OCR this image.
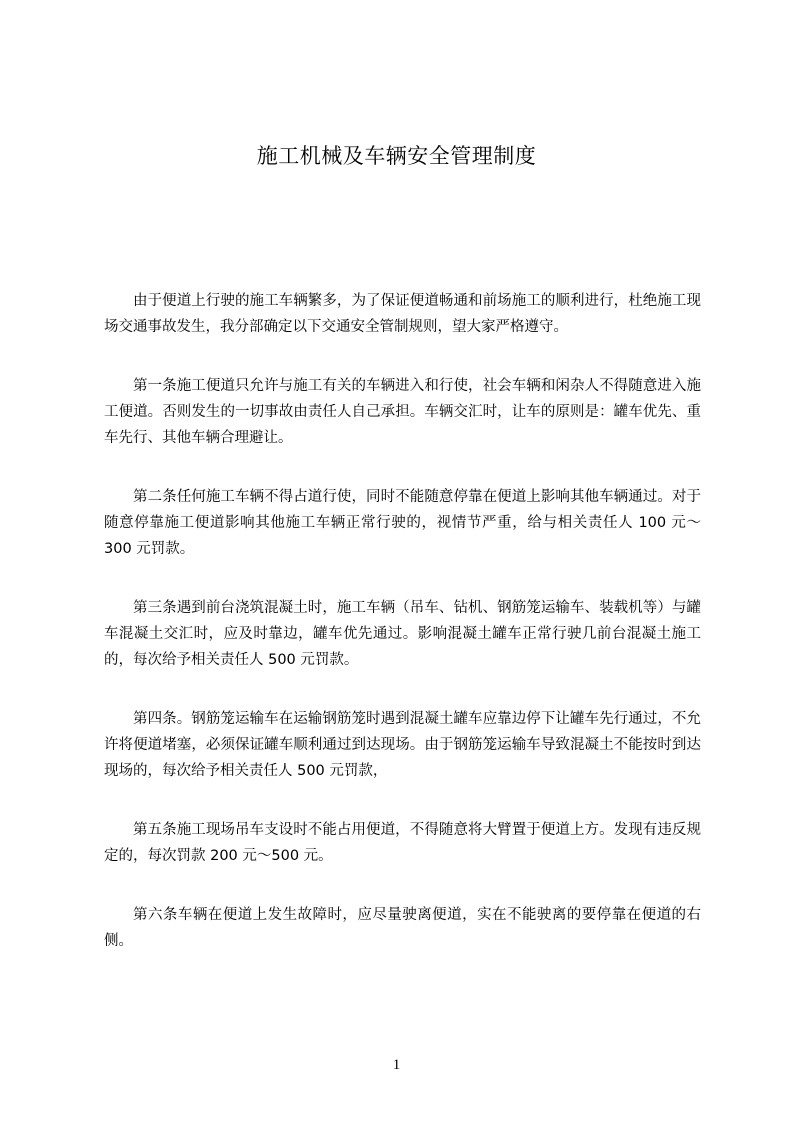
施工机械及车辆安全管理制度

由于便道上行驶的施工车辆繁多，为了保证便道畅通和前场施工的顺利进行，杜绝施工现场交通事故发生，我分部确定以下交通安全管制规则，望大家严格遵守。

第一条施工便道只允许与施工有关的车辆进入和行使，社会车辆和闲杂人不得随意进入施工便道。否则发生的一切事故由责任人自己承担。车辆交汇时，让车的原则是：罐车优先、重车先行、其他车辆合理避让。

第二条任何施工车辆不得占道行使，同时不能随意停靠在便道上影响其他车辆通过。对于随意停靠施工便道影响其他施工车辆正常行驶的，视情节严重，给与相关责任人 100 元～300 元罚款。

第三条遇到前台浇筑混凝土时，施工车辆（吊车、钻机、钢筋笼运输车、装载机等）与罐车混凝土交汇时，应及时靠边，罐车优先通过。影响混凝土罐车正常行驶几前台混凝土施工的，每次给予相关责任人 500 元罚款。

第四条。钢筋笼运输车在运输钢筋笼时遇到混凝土罐车应靠边停下让罐车先行通过，不允许将便道堵塞，必须保证罐车顺利通过到达现场。由于钢筋笼运输车导致混凝土不能按时到达现场的，每次给予相关责任人 500 元罚款，

第五条施工现场吊车支设时不能占用便道，不得随意将大臂置于便道上方。发现有违反规定的，每次罚款 200 元～500 元。

第六条车辆在便道上发生故障时，应尽量驶离便道，实在不能驶离的要停靠在便道的右侧。

1
